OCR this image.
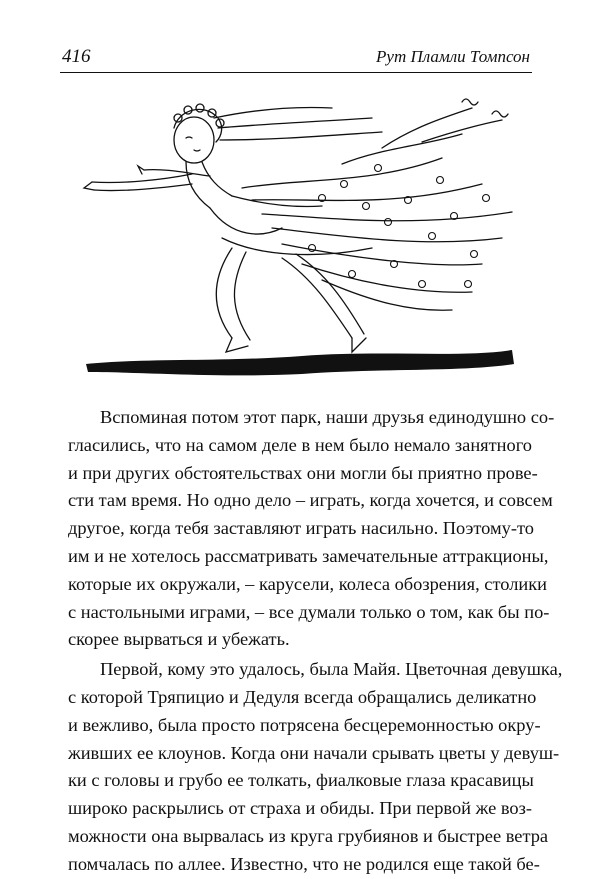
416	Рут Пламли Томпсон
Вспоминая потом этот парк, наши друзья единодушно со-
гласились, что на самом деле в нем было немало занятного
и при других обстоятельствах они могли бы приятно прове-
сти там время. Но одно дело – играть, когда хочется, и совсем
другое, когда тебя заставляют играть насильно. Поэтому-то
им и не хотелось рассматривать замечательные аттракционы,
которые их окружали, – карусели, колеса обозрения, столики
с настольными играми, – все думали только о том, как бы по-
скорее вырваться и убежать.
Первой, кому это удалось, была Майя. Цветочная девушка,
с которой Тряпицио и Дедуля всегда обращались деликатно
и вежливо, была просто потрясена бесцеремонностью окру-
живших ее клоунов. Когда они начали срывать цветы у девуш-
ки с головы и грубо ее толкать, фиалковые глаза красавицы
широко раскрылись от страха и обиды. При первой же воз-
можности она вырвалась из круга грубиянов и быстрее ветра
помчалась по аллее. Известно, что не родился еще такой бе-
